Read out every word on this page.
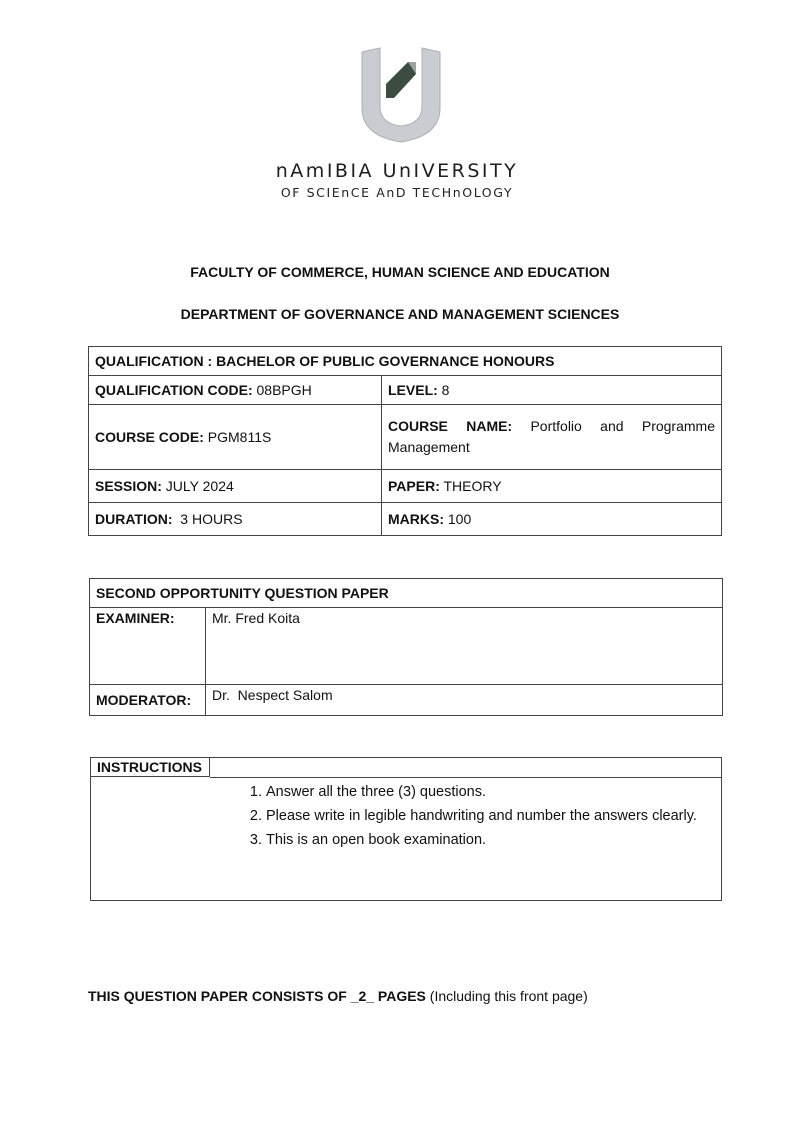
nAmIBIA UnIVERSITY
OF SCIEnCE AnD TECHnOLOGY
FACULTY OF COMMERCE, HUMAN SCIENCE AND EDUCATION
DEPARTMENT OF GOVERNANCE AND MANAGEMENT SCIENCES
QUALIFICATION : BACHELOR OF PUBLIC GOVERNANCE HONOURS	
QUALIFICATION CODE: 08BPGH	LEVEL: 8
COURSE CODE: PGM811S	COURSE NAME: Portfolio and Programme Management
SESSION: JULY 2024	PAPER: THEORY
DURATION: 3 HOURS	MARKS: 100
SECOND OPPORTUNITY QUESTION PAPER	
EXAMINER:	Mr. Fred Koita
MODERATOR:	Dr.  Nespect Salom
INSTRUCTIONS
1. Answer all the three (3) questions.
2. Please write in legible handwriting and number the answers clearly.
3. This is an open book examination.
THIS QUESTION PAPER CONSISTS OF _2_ PAGES (Including this front page)
